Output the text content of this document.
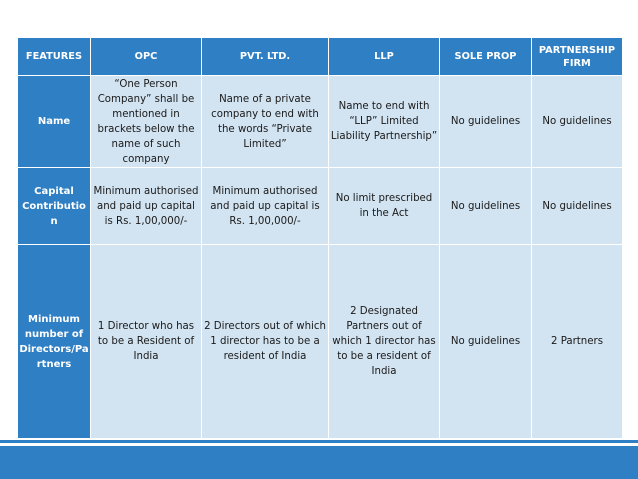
FEATURES	OPC	PVT. LTD.	LLP	SOLE PROP	PARTNERSHIP FIRM
Name	“One Person Company” shall be mentioned in brackets below the name of such company	Name of a private company to end with the words “Private Limited”	Name to end with “LLP” Limited Liability Partnership”	No guidelines	No guidelines
Capital Contribution	Minimum authorised and paid up capital is Rs. 1,00,000/-	Minimum authorised and paid up capital is Rs. 1,00,000/-	No limit prescribed in the Act	No guidelines	No guidelines
Minimum number of Directors/Partners	1 Director who has to be a Resident of India	2 Directors out of which 1 director has to be a resident of India	2 Designated Partners out of which 1 director has to be a resident of India	No guidelines	2 Partners
